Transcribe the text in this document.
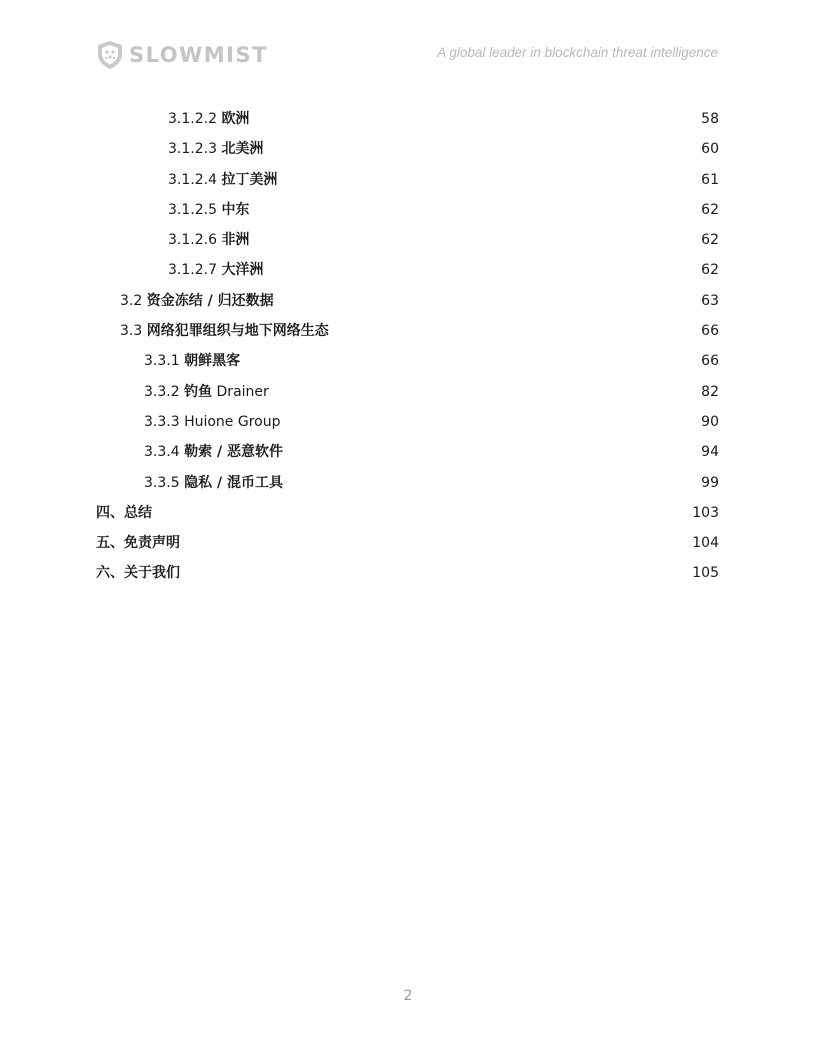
SLOWMIST	A global leader in blockchain threat intelligence
3.1.2.2 欧洲	58
3.1.2.3 北美洲	60
3.1.2.4 拉丁美洲	61
3.1.2.5 中东	62
3.1.2.6 非洲	62
3.1.2.7 大洋洲	62
3.2 资金冻结 / 归还数据	63
3.3 网络犯罪组织与地下网络生态	66
3.3.1 朝鲜黑客	66
3.3.2 钓鱼 Drainer	82
3.3.3 Huione Group	90
3.3.4 勒索 / 恶意软件	94
3.3.5 隐私 / 混币工具	99
四、总结	103
五、免责声明	104
六、关于我们	105
2
